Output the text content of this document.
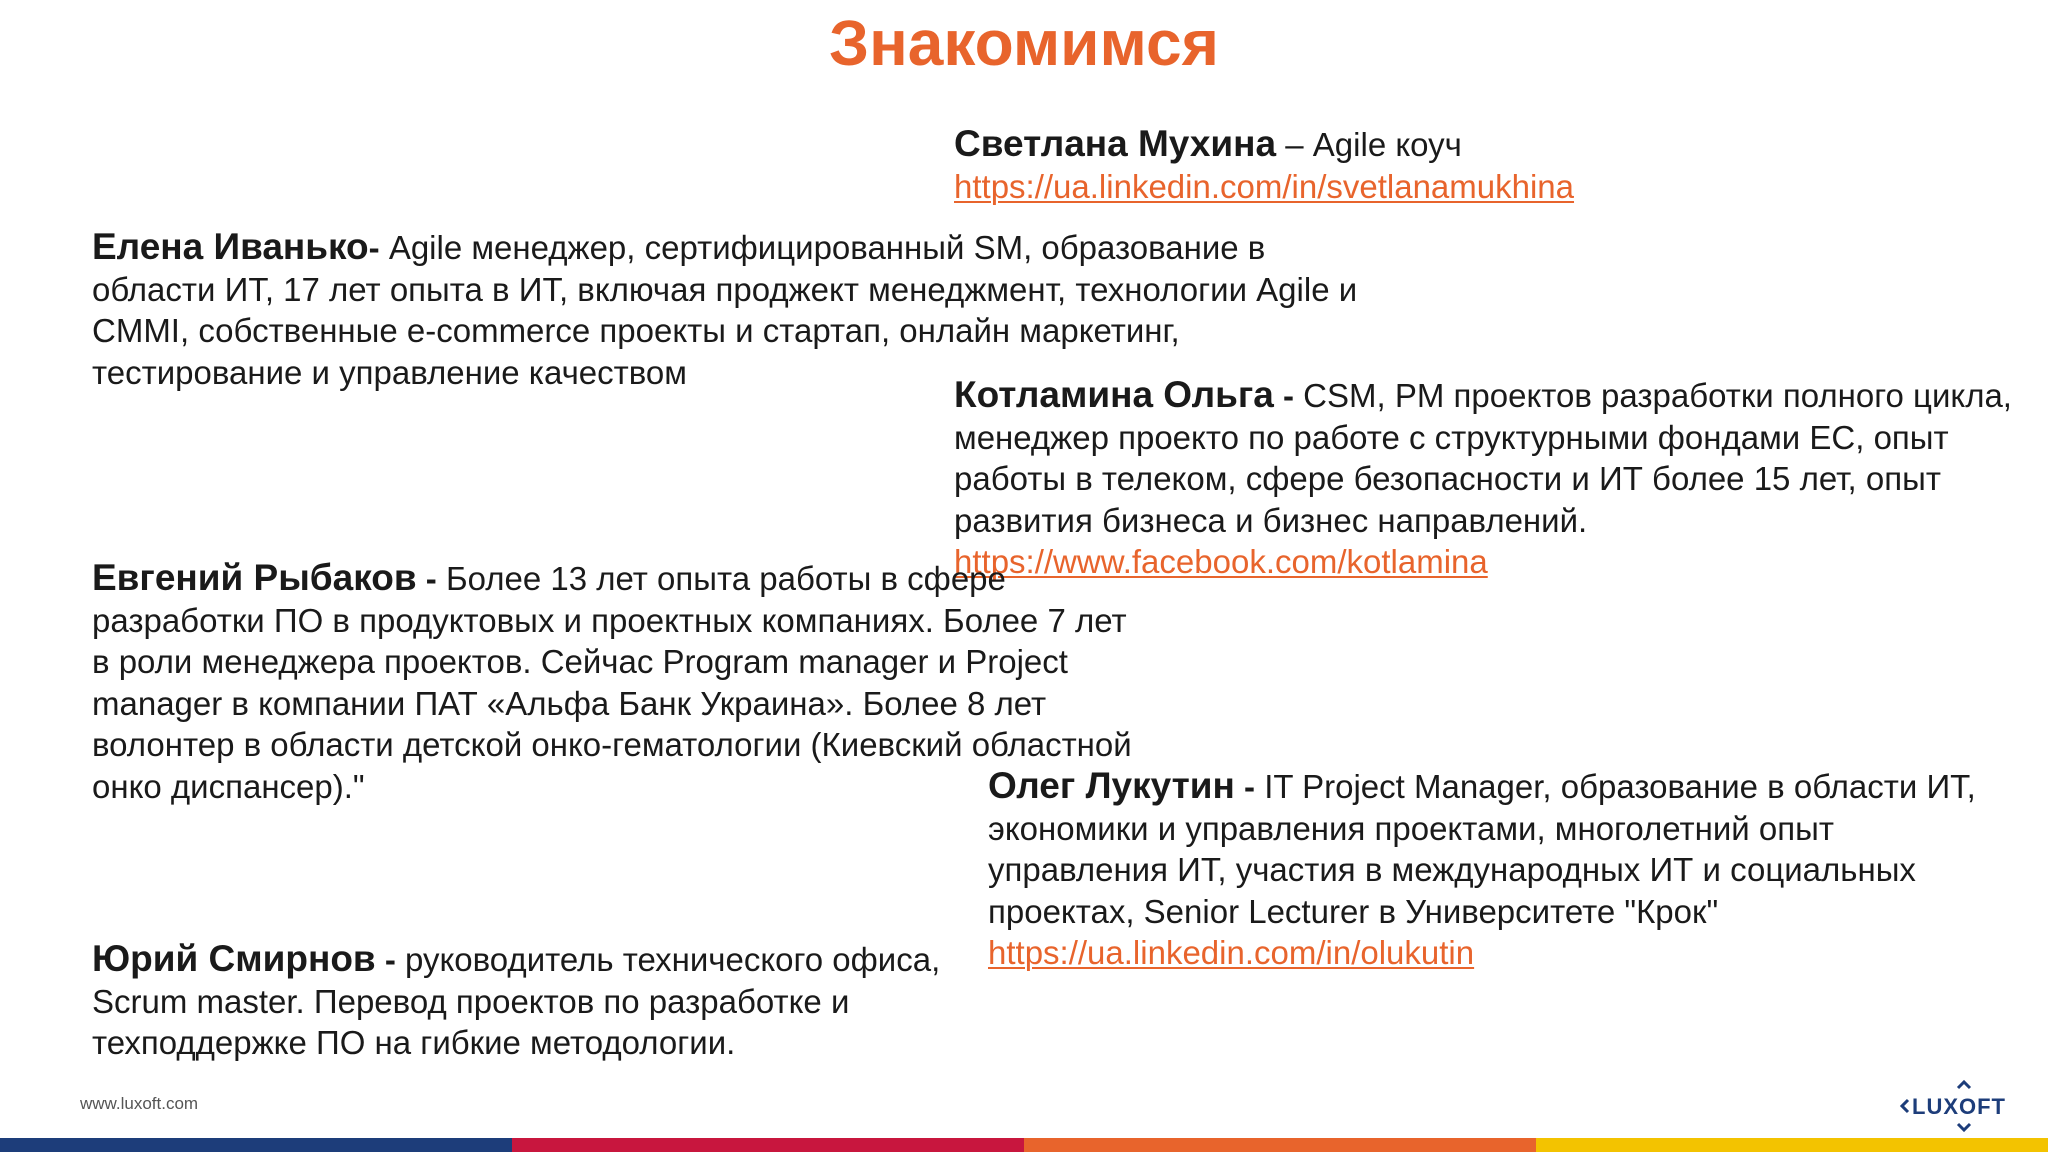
Знакомимся

Светлана Мухина – Agile коуч
https://ua.linkedin.com/in/svetlanamukhina

Елена Иванько- Agile менеджер, сертифицированный SM, образование в области ИТ, 17 лет опыта в ИТ, включая проджект менеджмент, технологии Agile и CMMI, собственные e-commerce проекты и стартап, онлайн маркетинг, тестирование и управление качеством

Котламина Ольга - CSM, PM проектов разработки полного цикла, менеджер проекто по работе с структурными фондами ЕС, опыт работы в телеком, сфере безопасности и ИТ более 15 лет, опыт развития бизнеса и бизнес направлений.
https://www.facebook.com/kotlamina

Евгений Рыбаков - Более 13 лет опыта работы в сфере разработки ПО в продуктовых и проектных компаниях. Более 7 лет в роли менеджера проектов. Сейчас Program manager и Project manager в компании ПАТ «Альфа Банк Украина». Более 8 лет волонтер в области детской онко-гематологии (Киевский областной онко диспансер)."	Олег Лукутин - IT Project Manager, образование в области ИТ, экономики и управления проектами, многолетний опыт управления ИТ, участия в международных ИТ и социальных проектах, Senior Lecturer в Университете "Крок"
https://ua.linkedin.com/in/olukutin

Юрий Смирнов - руководитель технического офиса, Scrum master. Перевод проектов по разработке и техподдержке ПО на гибкие методологии.

www.luxoft.com	LUXOFT
